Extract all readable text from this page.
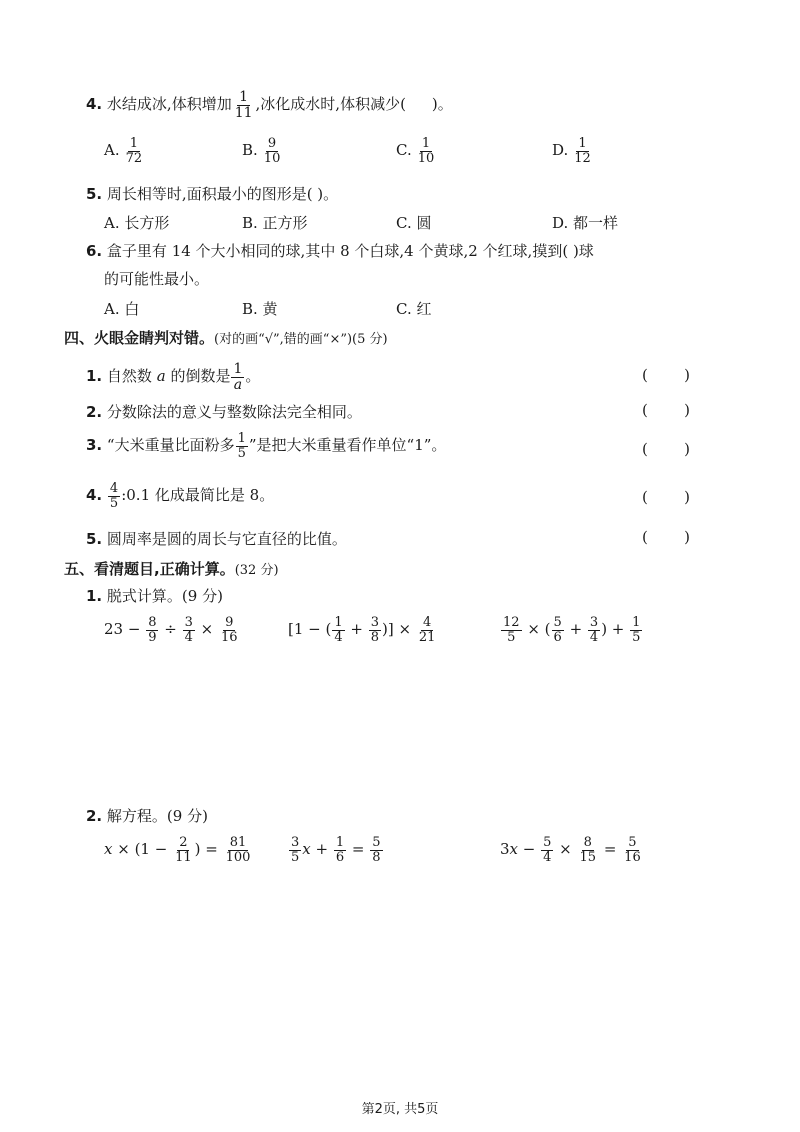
4. 水结成冰,体积增加 $\frac{1}{11}$ ,冰化成水时,体积减少( )。
A. $\frac{1}{72}$	B. $\frac{9}{10}$	C. $\frac{1}{10}$	D. $\frac{1}{12}$
5. 周长相等时,面积最小的图形是( )。
A. 长方形	B. 正方形	C. 圆	D. 都一样
6. 盒子里有 14 个大小相同的球,其中 8 个白球,4 个黄球,2 个红球,摸到( )球
的可能性最小。
A. 白	B. 黄	C. 红
四、火眼金睛判对错。(对的画“√”,错的画“×”)(5 分)
1. 自然数 a 的倒数是 $\frac{1}{a}$ 。	( )
2. 分数除法的意义与整数除法完全相同。	( )
3. “大米重量比面粉多 $\frac{1}{5}$ ”是把大米重量看作单位“1”。	( )
4. $\frac{4}{5}$ :0.1 化成最简比是 8。	( )
5. 圆周率是圆的周长与它直径的比值。	( )
五、看清题目,正确计算。(32 分)
1. 脱式计算。(9 分)
$23 - \frac{8}{9} \div \frac{3}{4} \times \frac{9}{16}$	[1 − ( $\frac{1}{4} + \frac{3}{8}$ )] × $\frac{4}{21}$	$\frac{12}{5}$ × ( $\frac{5}{6} + \frac{3}{4}$ ) + $\frac{1}{5}$
2. 解方程。(9 分)
$x \times (1 - \frac{2}{11}$ ) = $\frac{81}{100}$	$\frac{3}{5}$ $x + \frac{1}{6} = \frac{5}{8}$	$3x - \frac{5}{4} \times \frac{8}{15} = \frac{5}{16}$
第2页, 共5页
